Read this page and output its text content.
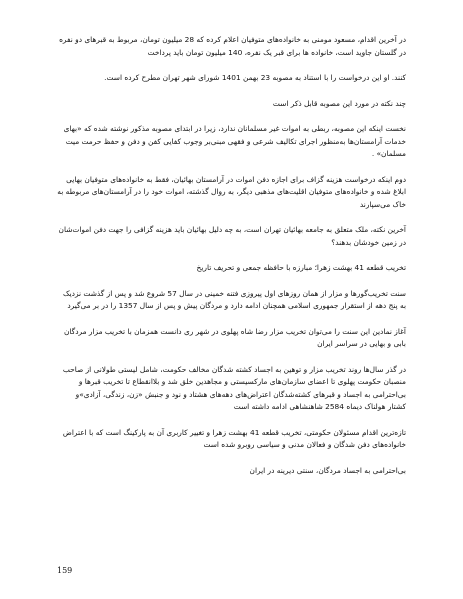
در آخرین اقدام، مسعود مومنی به خانواده‌های متوفیان اعلام کرده که 28 میلیون تومان، مربوط به قبرهای دو نفره در گلستان جاوید است، خانواده ها برای قبر یک نفره، 140 میلیون تومان باید پرداخت

کنند. او این درخواست را با استناد به مصوبه 23 بهمن 1401 شورای شهر تهران مطرح کرده است.

چند نکته در مورد این مصوبه قابل ذکر است

نخست اینکه این مصوبه، ربطی به اموات غیر مسلمانان ندارد، زیرا در ابتدای مصوبه مذکور نوشته شده که «بهای خدمات آرامستان‌ها به‌منظور اجرای تکالیف شرعی و فقهی مبنی‌بر وجوب کفایی کفن و دفن و حفظ حرمت میت مسلمان» .

دوم اینکه درخواست هزینه گزاف برای اجازه دفن اموات در آرامستان بهائیان، فقط به خانواده‌های متوفیان بهایی ابلاغ شده و خانواده‌های متوفیان اقلیت‌های مذهبی دیگر، به روال گذشته، اموات خود را در آرامستان‌های مربوطه به خاک می‌سپارند

آخرین نکته، ملک متعلق به جامعه بهائیان تهران است، به چه دلیل بهائیان باید هزینه گزافی را جهت دفن اموات‌شان در زمین خودشان بدهند؟

تخریب قطعه 41 بهشت زهرا؛ مبارزه با حافظه جمعی و تحریف تاریخ

سنت تخریب‌گورها و مزار از همان روزهای اول پیروزی فتنه خمینی در سال 57 شروع شد و پس از گذشت نزدیک به پنج دهه از استقرار جمهوری اسلامی همچنان ادامه دارد و مردگان پیش و پس از سال 1357 را در بر می‌گیرد

آغاز نمادین این سنت را می‌توان تخریب مزار رضا شاه پهلوی در شهر ری دانست همزمان با تخریب مزار مردگان بابی و بهایی در سراسر ایران

در گذر سال‌ها روند تخریب مزار و توهین به اجساد کشته شدگان مخالف حکومت، شامل لیستی طولانی از صاحب منصبان حکومت پهلوی تا اعضای سازمان‌های مارکسیستی و مجاهدین خلق شد و بلاانقطاع تا تخریب قبرها و بی‌احترامی به اجساد و قبرهای کشته‌شدگان اعتراض‌های دهه‌های هشتاد و نود و جنبش «زن، زندگی، آزادی»و کشتار هولناک دیماه 2584 شاهنشاهی ادامه داشته است

تازه‌ترین اقدام مسئولان حکومتی، تخریب قطعه 41 بهشت زهرا و تغییر کاربری آن به پارکینگ است که با اعتراض خانواده‌های دفن شدگان و فعالان مدنی و سیاسی روبرو شده است

بی‌احترامی به اجساد مردگان، سنتی دیرینه در ایران

159
